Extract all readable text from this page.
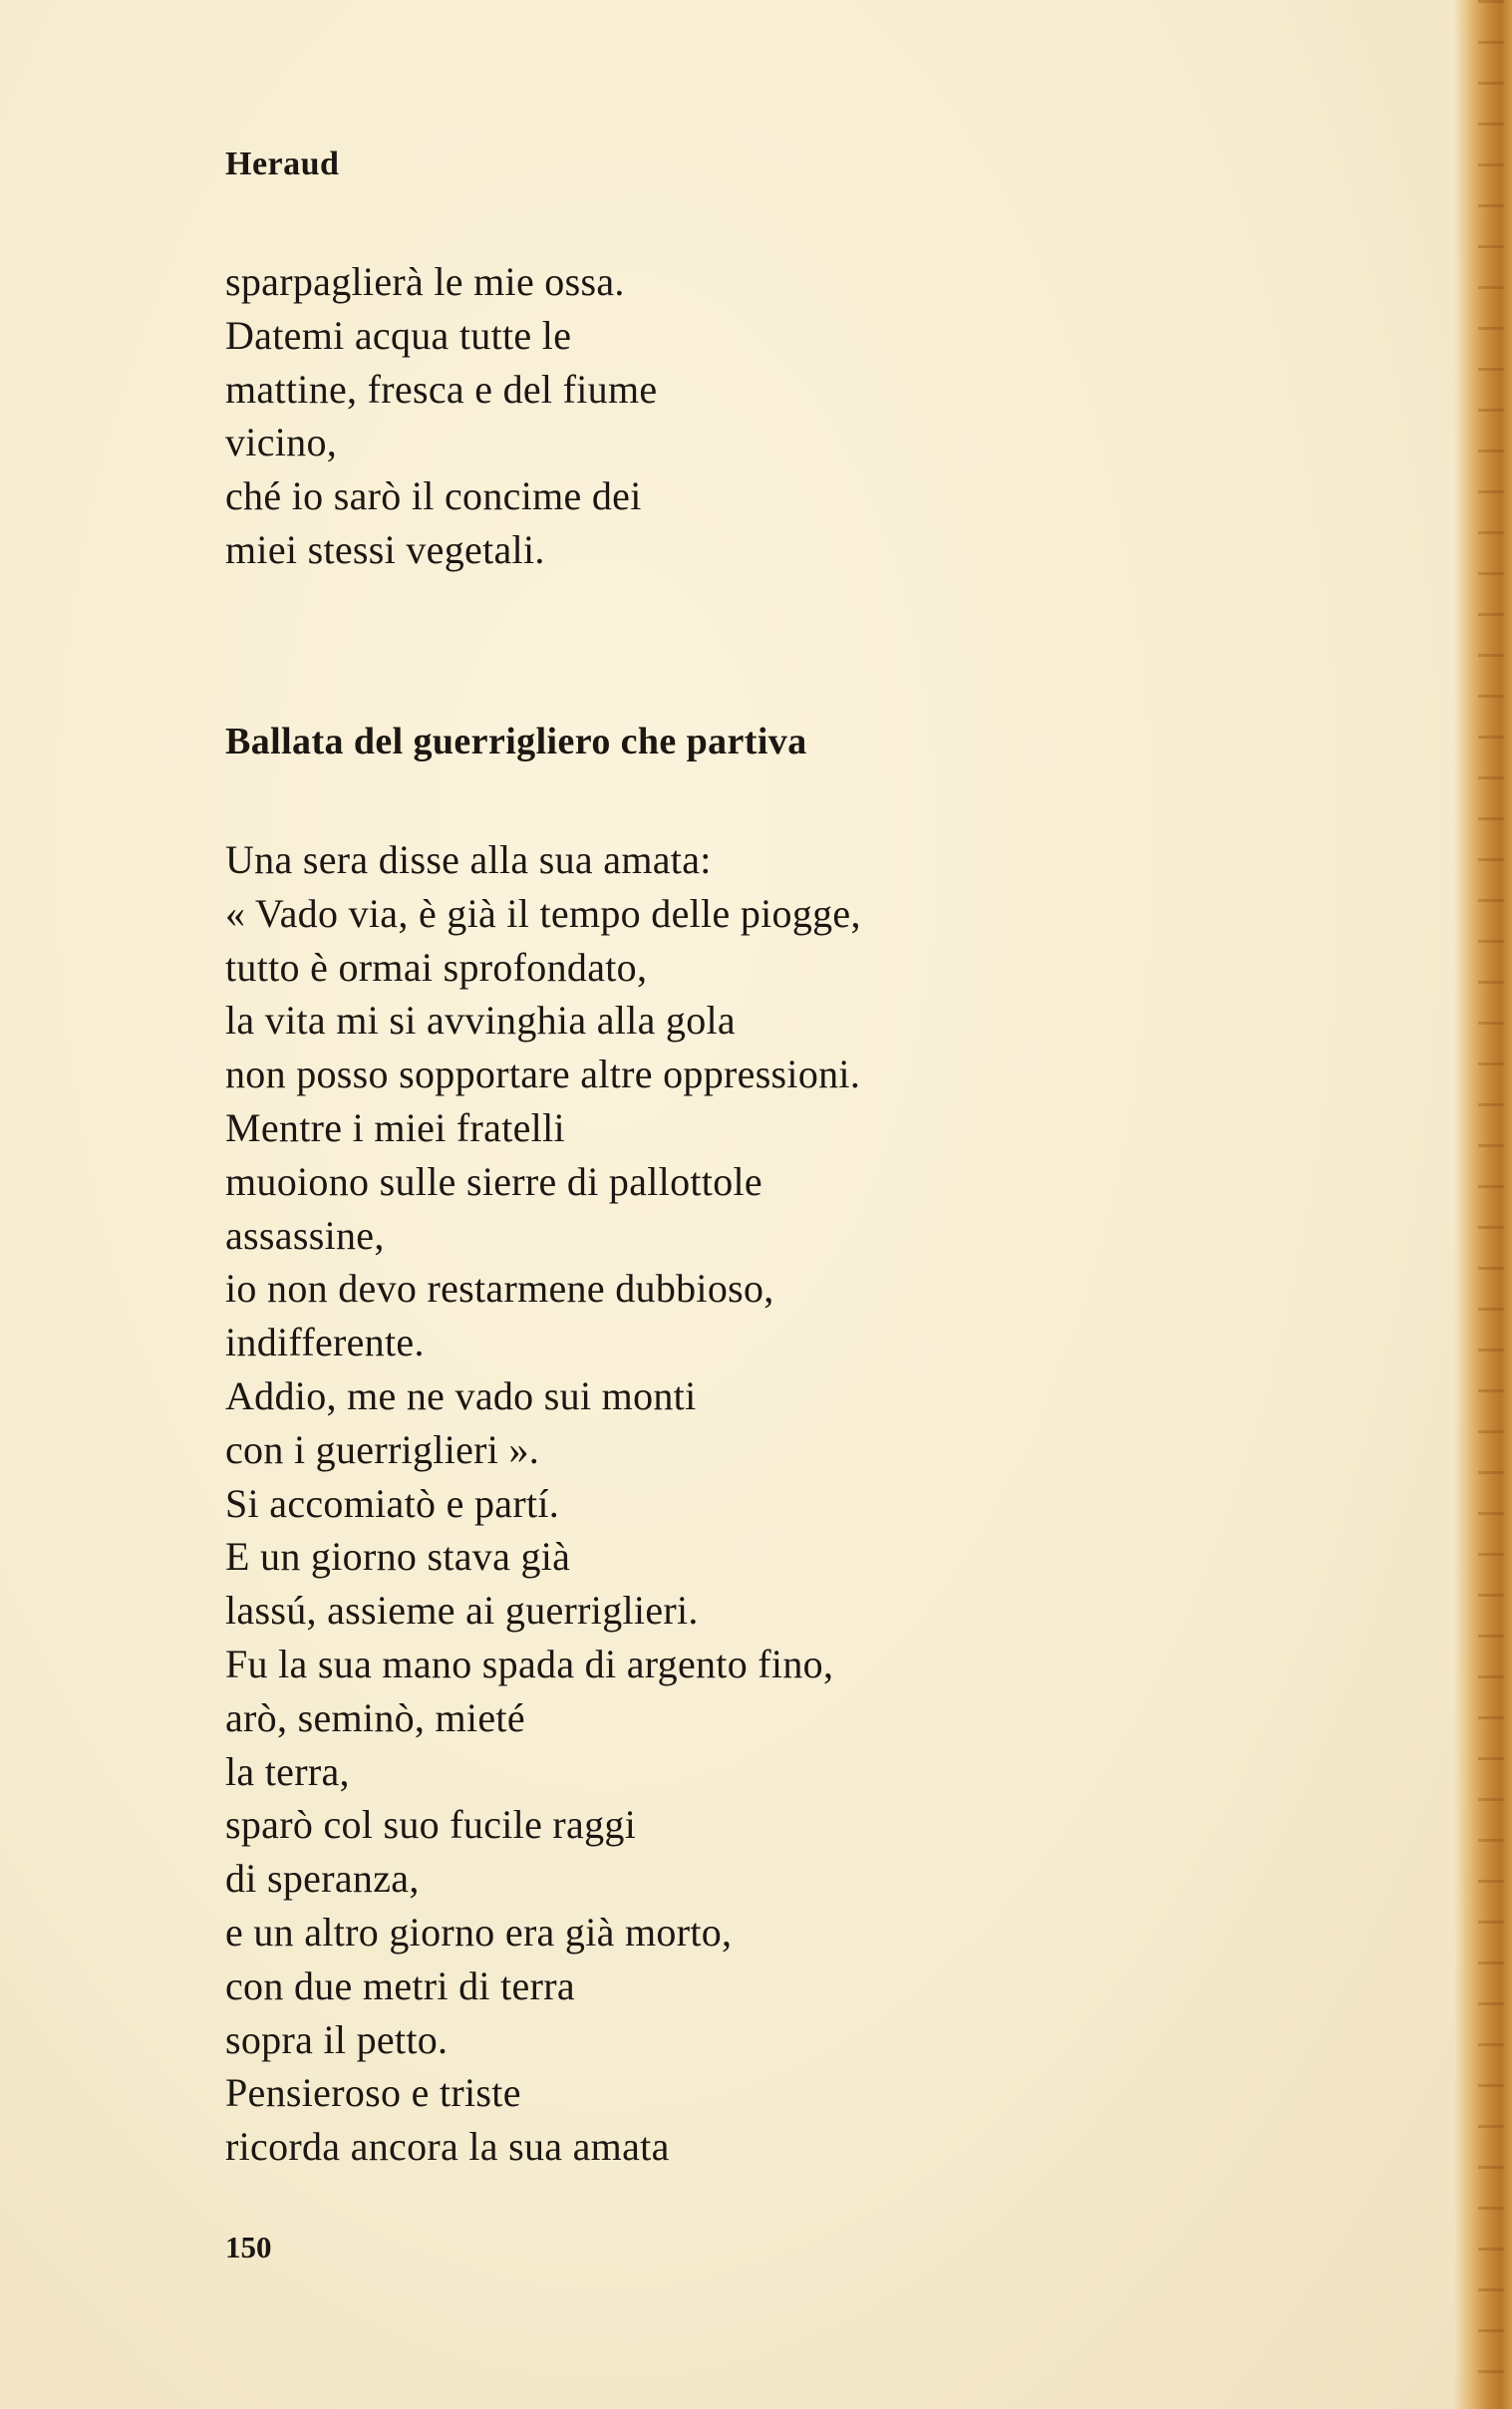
Heraud
sparpaglierà le mie ossa.
Datemi acqua tutte le
mattine, fresca e del fiume
vicino,
ché io sarò il concime dei
miei stessi vegetali.
Ballata del guerrigliero che partiva
Una sera disse alla sua amata:
« Vado via, è già il tempo delle piogge,
tutto è ormai sprofondato,
la vita mi si avvinghia alla gola
non posso sopportare altre oppressioni.
Mentre i miei fratelli
muoiono sulle sierre di pallottole
assassine,
io non devo restarmene dubbioso,
indifferente.
Addio, me ne vado sui monti
con i guerriglieri ».
Si accomiatò e partí.
E un giorno stava già
lassú, assieme ai guerriglieri.
Fu la sua mano spada di argento fino,
arò, seminò, mieté
la terra,
sparò col suo fucile raggi
di speranza,
e un altro giorno era già morto,
con due metri di terra
sopra il petto.
Pensieroso e triste
ricorda ancora la sua amata
150
